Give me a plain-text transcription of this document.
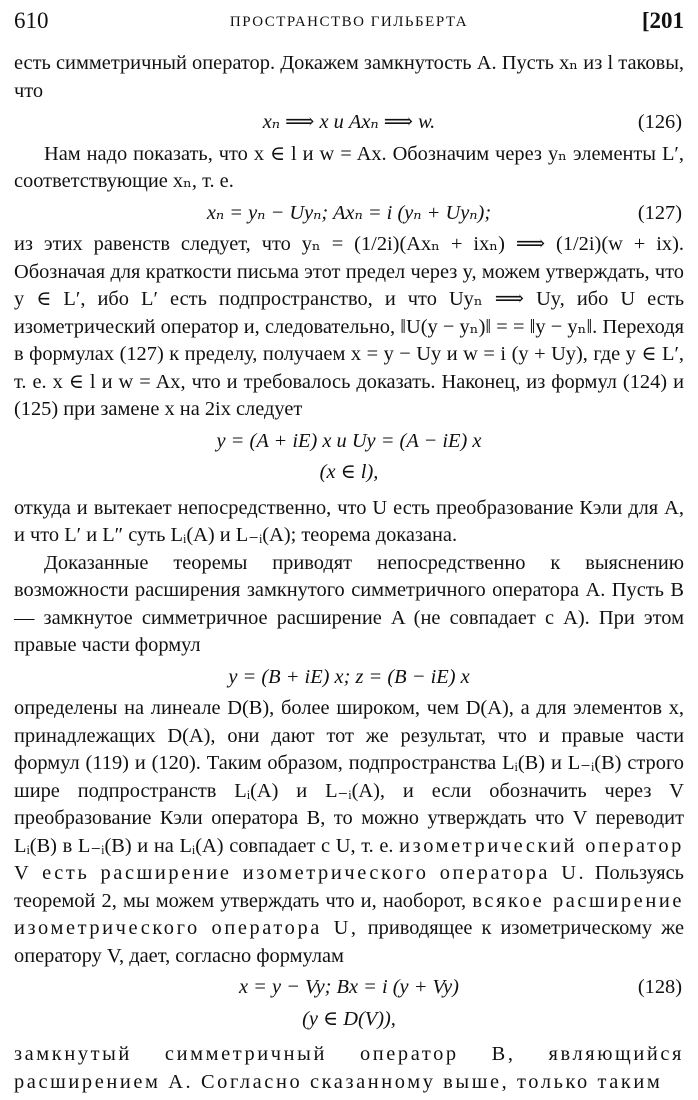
610	ПРОСТРАНСТВО ГИЛЬБЕРТА	[201

есть симметричный оператор. Докажем замкнутость A. Пусть xₙ из l таковы, что

xₙ ⟹ x и Axₙ ⟹ w.	(126)

Нам надо показать, что x ∈ l и w = Ax. Обозначим через yₙ элементы L′, соответствующие xₙ, т. е.

xₙ = yₙ − Uyₙ; Axₙ = i (yₙ + Uyₙ);	(127)

из этих равенств следует, что yₙ = (1/2i)(Axₙ + ixₙ) ⟹ (1/2i)(w + ix). Обозначая для краткости письма этот предел через y, можем утверждать, что y ∈ L′, ибо L′ есть подпространство, и что Uyₙ ⟹ Uy, ибо U есть изометрический оператор и, следовательно, ‖U(y − yₙ)‖ = = ‖y − yₙ‖. Переходя в формулах (127) к пределу, получаем x = y − Uy и w = i (y + Uy), где y ∈ L′, т. е. x ∈ l и w = Ax, что и требовалось доказать. Наконец, из формул (124) и (125) при замене x на 2ix следует

y = (A + iE) x и Uy = (A − iE) x
(x ∈ l),

откуда и вытекает непосредственно, что U есть преобразование Кэли для A, и что L′ и L″ суть Lᵢ(A) и L₋ᵢ(A); теорема доказана.

Доказанные теоремы приводят непосредственно к выяснению возможности расширения замкнутого симметричного оператора A. Пусть B — замкнутое симметричное расширение A (не совпадает с A). При этом правые части формул

y = (B + iE) x; z = (B − iE) x

определены на линеале D(B), более широком, чем D(A), а для элементов x, принадлежащих D(A), они дают тот же результат, что и правые части формул (119) и (120). Таким образом, подпространства Lᵢ(B) и L₋ᵢ(B) строго шире подпространств Lᵢ(A) и L₋ᵢ(A), и если обозначить через V преобразование Кэли оператора B, то можно утверждать что V переводит Lᵢ(B) в L₋ᵢ(B) и на Lᵢ(A) совпадает с U, т. е. изометрический оператор V есть расширение изометрического оператора U. Пользуясь теоремой 2, мы можем утверждать что и, наоборот, всякое расширение изометрического оператора U, приводящее к изометрическому же оператору V, дает, согласно формулам

x = y − Vy; Bx = i (y + Vy)	(128)
(y ∈ D(V)),

замкнутый симметричный оператор B, являющийся расширением A. Согласно сказанному выше, только таким
